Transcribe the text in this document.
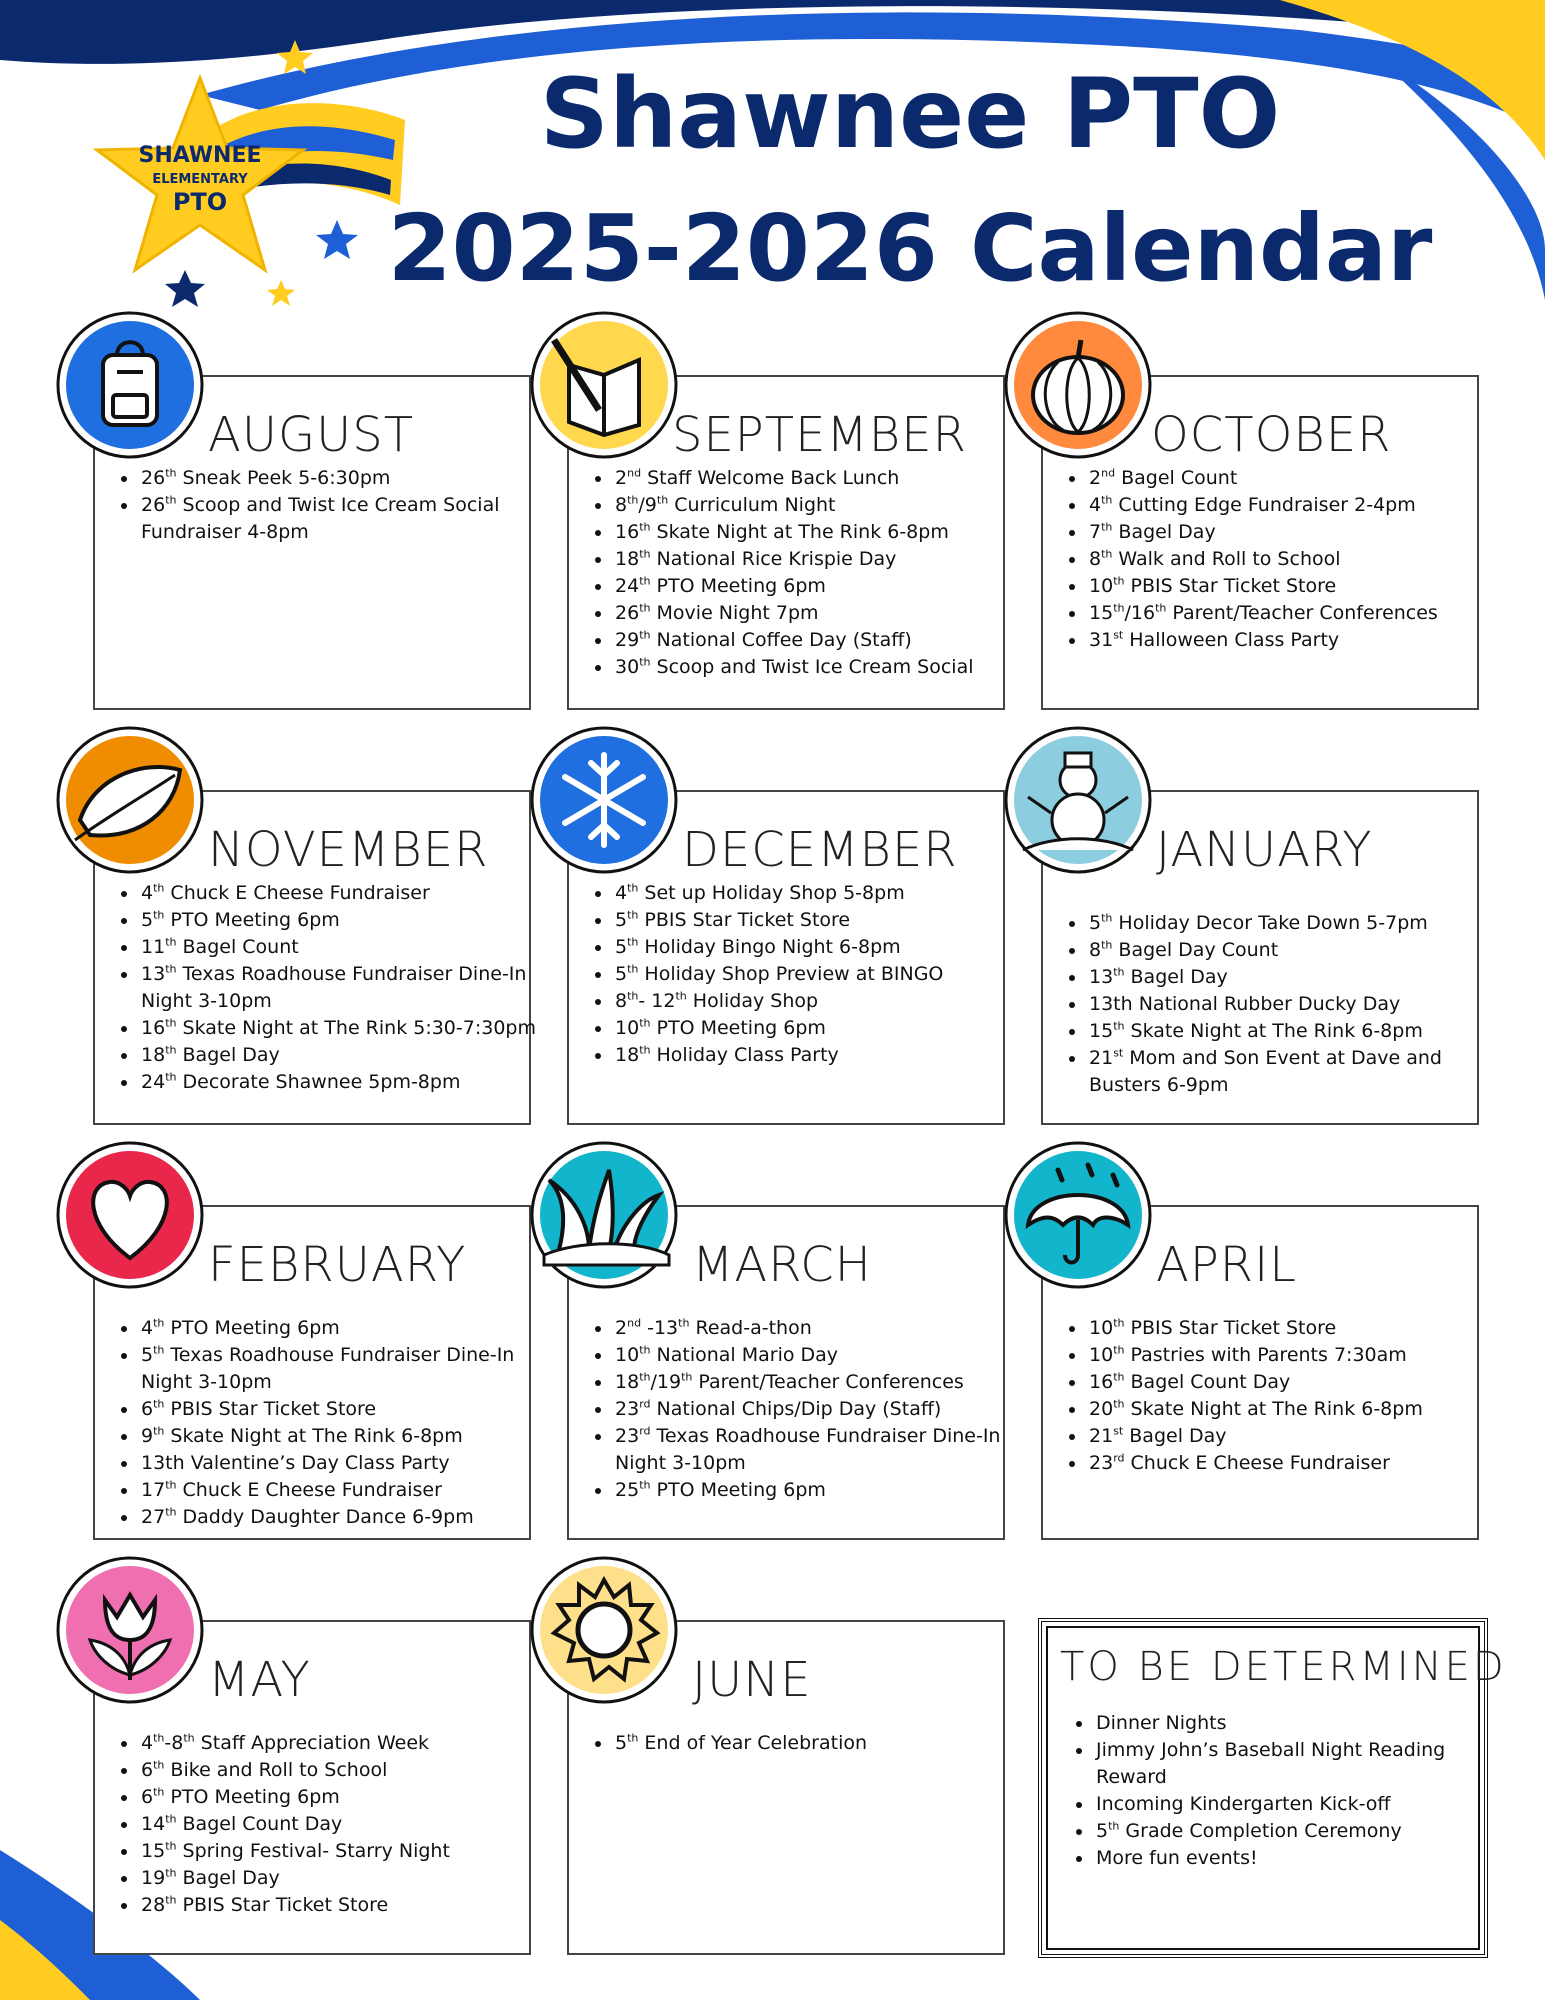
SHAWNEE
ELEMENTARY
PTO
Shawnee PTO
2025-2026 Calendar

AUGUST

• 26th Sneak Peek 5-6:30pm
• 26th Scoop and Twist Ice Cream Social Fundraiser 4-8pm

SEPTEMBER

• 2nd Staff Welcome Back Lunch
• 8th/9th Curriculum Night
• 16th Skate Night at The Rink 6-8pm
• 18th National Rice Krispie Day
• 24th PTO Meeting 6pm
• 26th Movie Night 7pm
• 29th National Coffee Day (Staff)
• 30th Scoop and Twist Ice Cream Social

OCTOBER

• 2nd Bagel Count
• 4th Cutting Edge Fundraiser 2-4pm
• 7th Bagel Day
• 8th Walk and Roll to School
• 10th PBIS Star Ticket Store
• 15th/16th Parent/Teacher Conferences
• 31st Halloween Class Party

NOVEMBER

• 4th Chuck E Cheese Fundraiser
• 5th PTO Meeting 6pm
• 11th Bagel Count
• 13th Texas Roadhouse Fundraiser Dine-In Night 3-10pm
• 16th Skate Night at The Rink 5:30-7:30pm
• 18th Bagel Day
• 24th Decorate Shawnee 5pm-8pm

DECEMBER

• 4th Set up Holiday Shop 5-8pm
• 5th PBIS Star Ticket Store
• 5th Holiday Bingo Night 6-8pm
• 5th Holiday Shop Preview at BINGO
• 8th- 12th Holiday Shop
• 10th PTO Meeting 6pm
• 18th Holiday Class Party

JANUARY

• 5th Holiday Decor Take Down 5-7pm
• 8th Bagel Day Count
• 13th Bagel Day
• 13th National Rubber Ducky Day
• 15th Skate Night at The Rink 6-8pm
• 21st Mom and Son Event at Dave and Busters 6-9pm

FEBRUARY

• 4th PTO Meeting 6pm
• 5th Texas Roadhouse Fundraiser Dine-In Night 3-10pm
• 6th PBIS Star Ticket Store
• 9th Skate Night at The Rink 6-8pm
• 13th Valentine’s Day Class Party
• 17th Chuck E Cheese Fundraiser
• 27th Daddy Daughter Dance 6-9pm

MARCH

• 2nd -13th Read-a-thon
• 10th National Mario Day
• 18th/19th Parent/Teacher Conferences
• 23rd National Chips/Dip Day (Staff)
• 23rd Texas Roadhouse Fundraiser Dine-In Night 3-10pm
• 25th PTO Meeting 6pm

APRIL

• 10th PBIS Star Ticket Store
• 10th Pastries with Parents 7:30am
• 16th Bagel Count Day
• 20th Skate Night at The Rink 6-8pm
• 21st Bagel Day
• 23rd Chuck E Cheese Fundraiser

MAY

• 4th-8th Staff Appreciation Week
• 6th Bike and Roll to School
• 6th PTO Meeting 6pm
• 14th Bagel Count Day
• 15th Spring Festival- Starry Night
• 19th Bagel Day
• 28th PBIS Star Ticket Store

JUNE

• 5th End of Year Celebration

TO BE DETERMINED

• Dinner Nights
• Jimmy John’s Baseball Night Reading Reward
• Incoming Kindergarten Kick-off
• 5th Grade Completion Ceremony
• More fun events!
